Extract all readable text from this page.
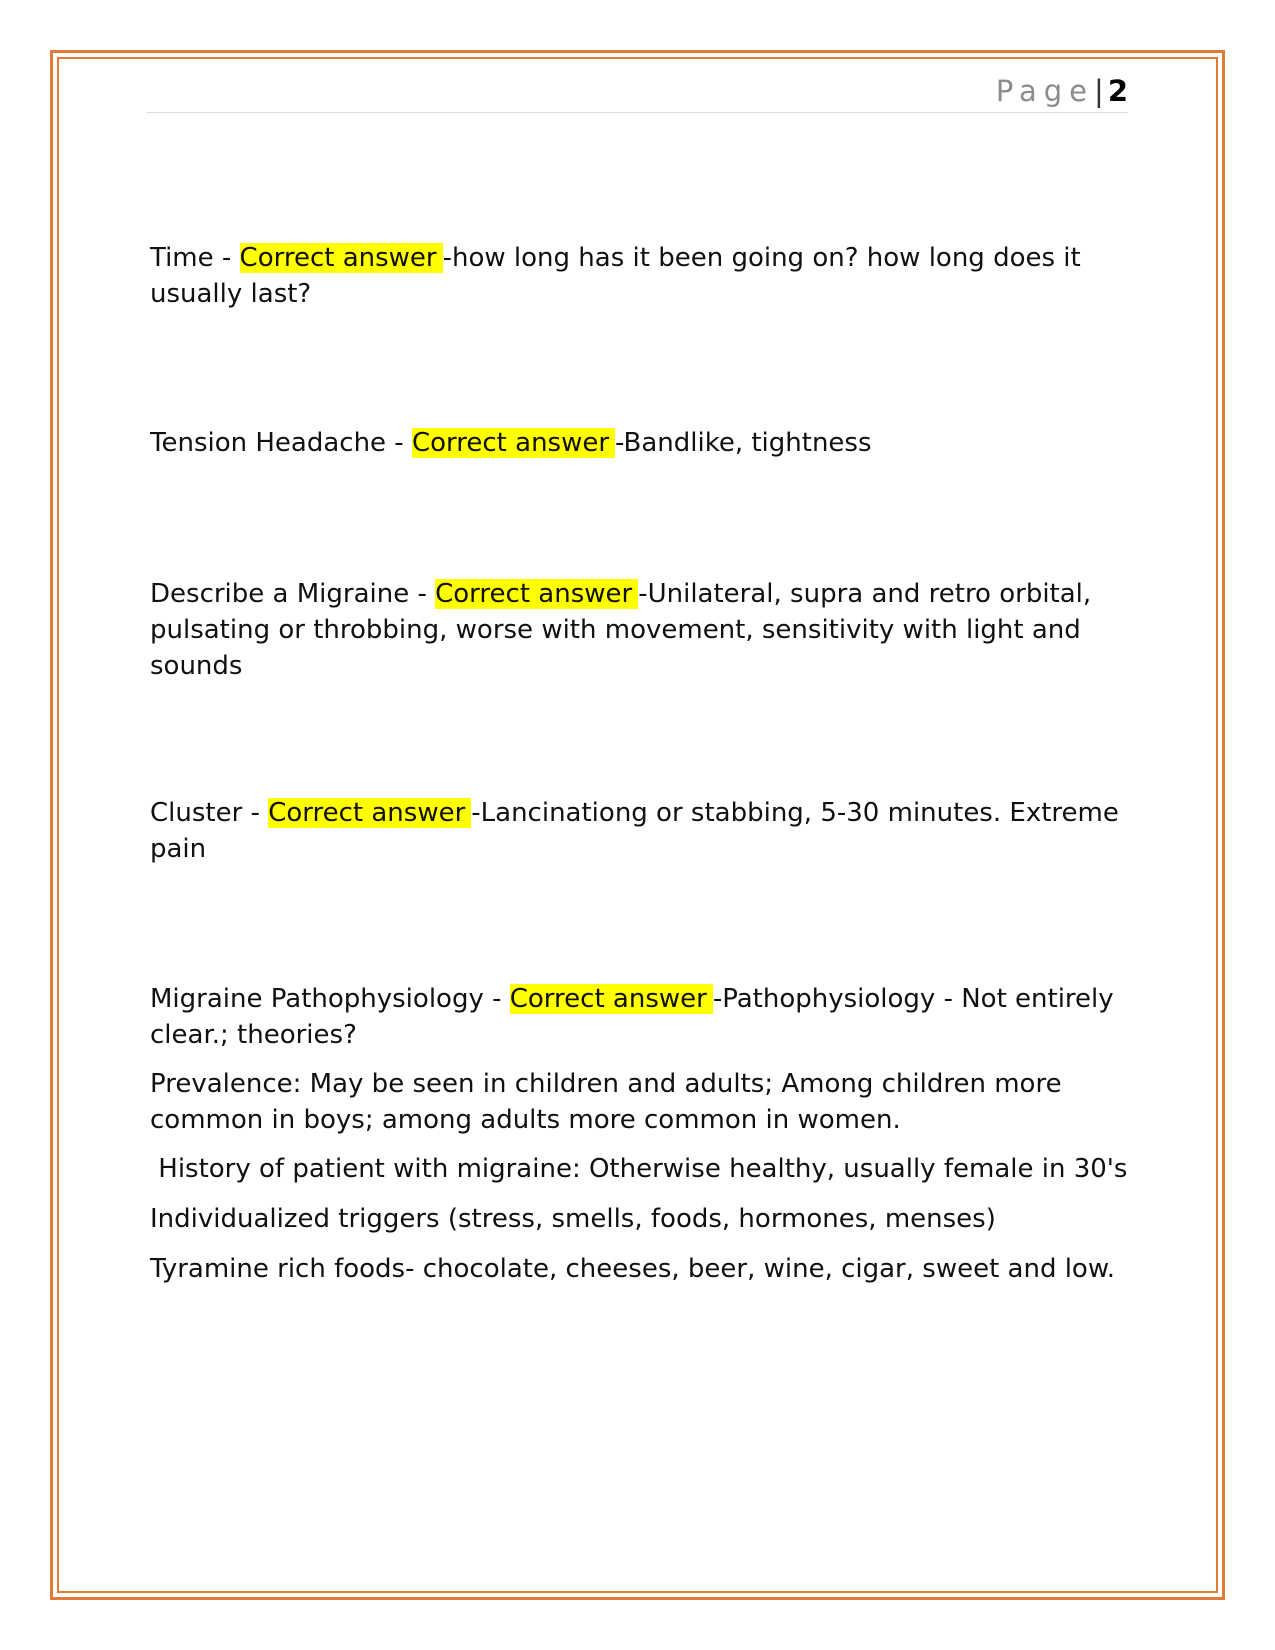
Page| 2

Time - Correct answer -how long has it been going on? how long does it usually last?

Tension Headache - Correct answer -Bandlike, tightness

Describe a Migraine - Correct answer -Unilateral, supra and retro orbital, pulsating or throbbing, worse with movement, sensitivity with light and sounds

Cluster - Correct answer -Lancinationg or stabbing, 5-30 minutes. Extreme pain

Migraine Pathophysiology - Correct answer -Pathophysiology - Not entirely clear.; theories?

Prevalence: May be seen in children and adults; Among children more common in boys; among adults more common in women.

History of patient with migraine: Otherwise healthy, usually female in 30's

Individualized triggers (stress, smells, foods, hormones, menses)

Tyramine rich foods- chocolate, cheeses, beer, wine, cigar, sweet and low.
